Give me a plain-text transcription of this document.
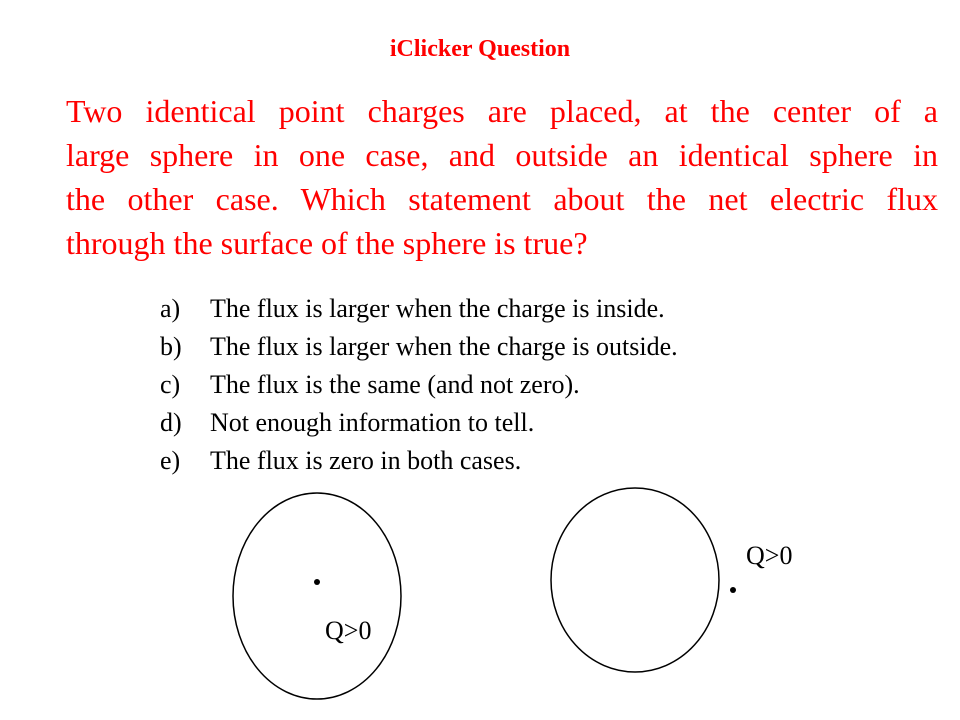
iClicker Question
Two identical point charges are placed, at the center of a
large sphere in one case, and outside an identical sphere in
the other case. Which statement about the net electric flux
through the surface of the sphere is true?
a) The flux is larger when the charge is inside.
b) The flux is larger when the charge is outside.
c) The flux is the same (and not zero).
d) Not enough information to tell.
e) The flux is zero in both cases.
Q>0
Q>0
